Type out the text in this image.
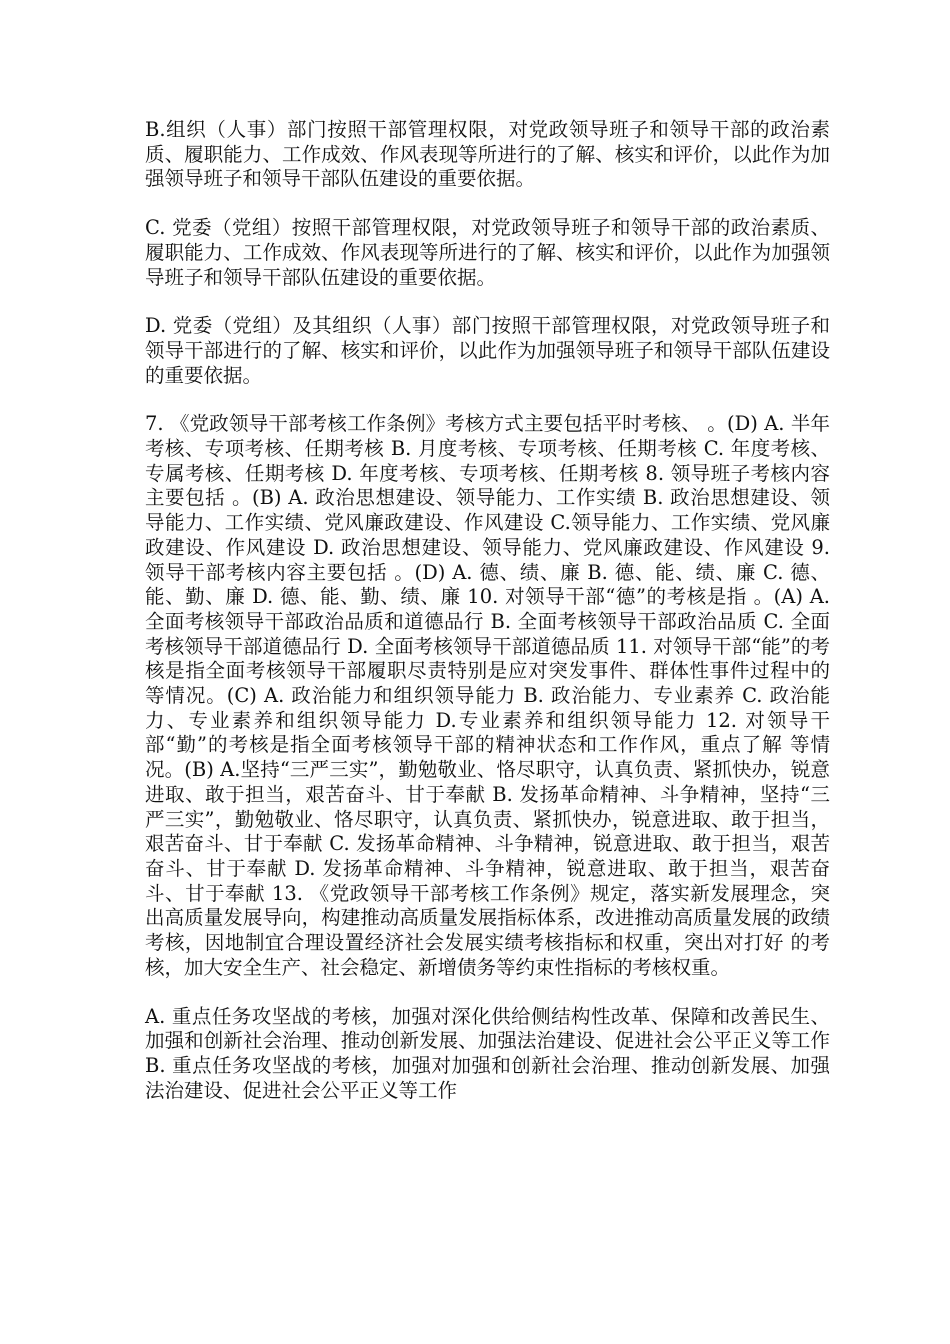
B.组织（人事）部门按照干部管理权限，对党政领导班子和领导干部的政治素质、履职能力、工作成效、作风表现等所进行的了解、核实和评价，以此作为加强领导班子和领导干部队伍建设的重要依据。

C. 党委（党组）按照干部管理权限，对党政领导班子和领导干部的政治素质、履职能力、工作成效、作风表现等所进行的了解、核实和评价，以此作为加强领导班子和领导干部队伍建设的重要依据。

D. 党委（党组）及其组织（人事）部门按照干部管理权限，对党政领导班子和领导干部进行的了解、核实和评价，以此作为加强领导班子和领导干部队伍建设的重要依据。

7. 《党政领导干部考核工作条例》考核方式主要包括平时考核、 。(D) A. 半年考核、专项考核、任期考核 B. 月度考核、专项考核、任期考核 C. 年度考核、专属考核、任期考核 D. 年度考核、专项考核、任期考核 8. 领导班子考核内容主要包括 。(B) A. 政治思想建设、领导能力、工作实绩 B. 政治思想建设、领导能力、工作实绩、党风廉政建设、作风建设 C.领导能力、工作实绩、党风廉政建设、作风建设 D. 政治思想建设、领导能力、党风廉政建设、作风建设 9. 领导干部考核内容主要包括 。(D) A. 德、绩、廉 B. 德、能、绩、廉 C. 德、能、勤、廉 D. 德、能、勤、绩、廉 10. 对领导干部“德”的考核是指 。(A) A. 全面考核领导干部政治品质和道德品行 B. 全面考核领导干部政治品质 C. 全面考核领导干部道德品行 D. 全面考核领导干部道德品质 11. 对领导干部“能”的考核是指全面考核领导干部履职尽责特别是应对突发事件、群体性事件过程中的 等情况。(C) A. 政治能力和组织领导能力 B. 政治能力、专业素养 C. 政治能力、专业素养和组织领导能力 D.专业素养和组织领导能力 12. 对领导干部“勤”的考核是指全面考核领导干部的精神状态和工作作风，重点了解 等情况。(B) A.坚持“三严三实”，勤勉敬业、恪尽职守，认真负责、紧抓快办，锐意进取、敢于担当，艰苦奋斗、甘于奉献 B. 发扬革命精神、斗争精神，坚持“三严三实”，勤勉敬业、恪尽职守，认真负责、紧抓快办，锐意进取、敢于担当，艰苦奋斗、甘于奉献 C. 发扬革命精神、斗争精神，锐意进取、敢于担当，艰苦奋斗、甘于奉献 D. 发扬革命精神、斗争精神，锐意进取、敢于担当，艰苦奋斗、甘于奉献 13. 《党政领导干部考核工作条例》规定，落实新发展理念，突出高质量发展导向，构建推动高质量发展指标体系，改进推动高质量发展的政绩考核，因地制宜合理设置经济社会发展实绩考核指标和权重，突出对打好 的考核，加大安全生产、社会稳定、新增债务等约束性指标的考核权重。

A. 重点任务攻坚战的考核，加强对深化供给侧结构性改革、保障和改善民生、加强和创新社会治理、推动创新发展、加强法治建设、促进社会公平正义等工作 B. 重点任务攻坚战的考核，加强对加强和创新社会治理、推动创新发展、加强法治建设、促进社会公平正义等工作
